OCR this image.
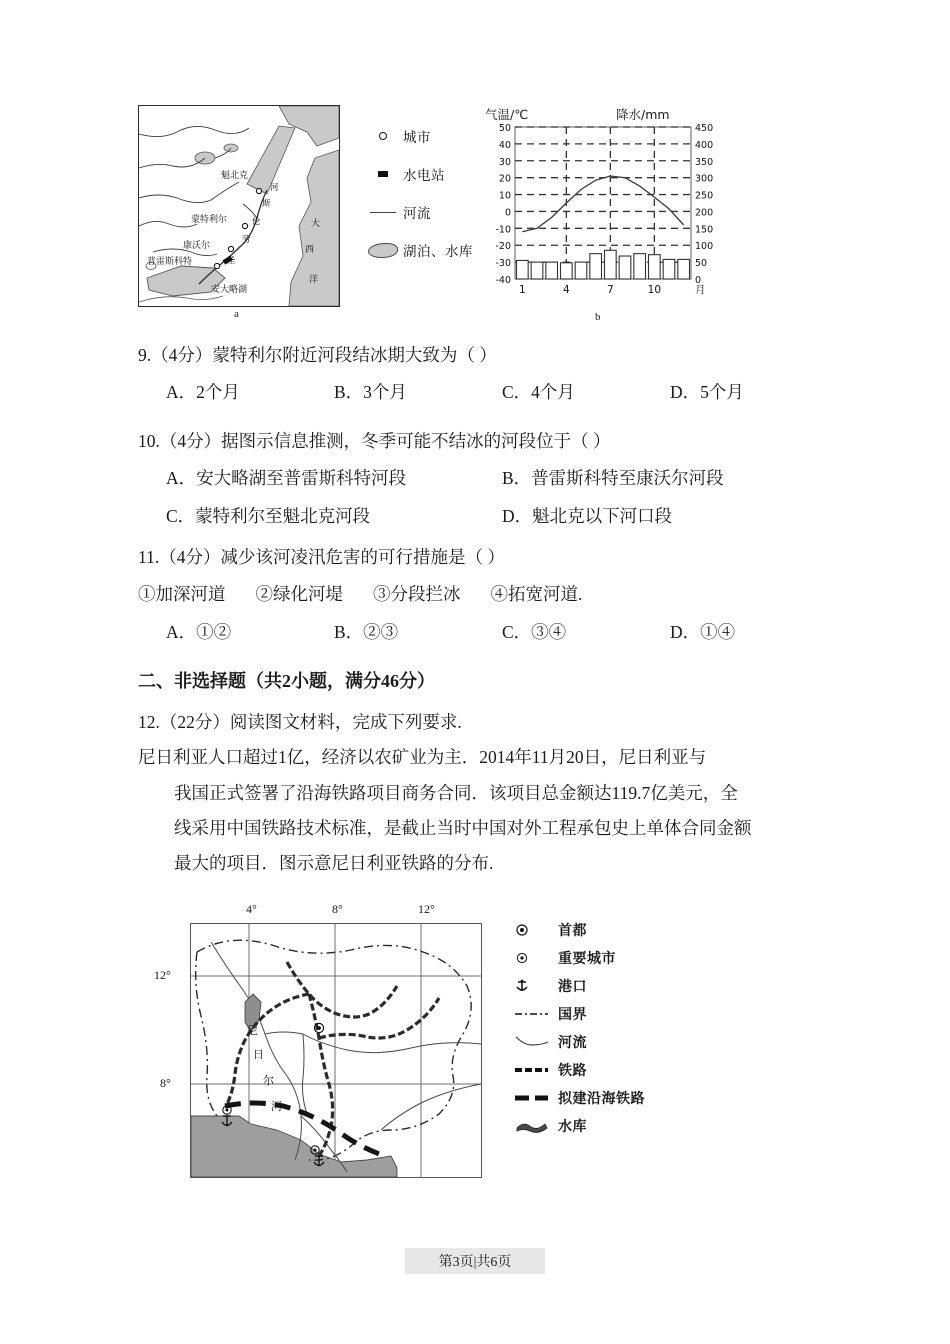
魁北克
蒙特利尔
康沃尔
普雷斯科特
安大略湖
河
斯
伦
劳
圣
大
西
洋
a
城市
水电站
河流
湖泊、水库
气温/℃	降水/mm
-30
-20
-10
0
10
20
30
40
50
-40	0
50
100
150
200
250
300
350
400
450
1	4	7	10	月
b
9.（4分）蒙特利尔附近河段结冰期大致为（ ）
A．2个月	B．3个月	C．4个月	D．5个月
10.（4分）据图示信息推测，冬季可能不结冰的河段位于（ ）
A．安大略湖至普雷斯科特河段	B．普雷斯科特至康沃尔河段
C．蒙特利尔至魁北克河段	D．魁北克以下河口段
11.（4分）减少该河凌汛危害的可行措施是（ ）
①加深河道 ②绿化河堤 ③分段拦冰 ④拓宽河道.
A．①②	B．②③	C．③④	D．①④
二、非选择题（共2小题，满分46分）
12.（22分）阅读图文材料，完成下列要求.
尼日利亚人口超过1亿，经济以农矿业为主．2014年11月20日，尼日利亚与
我国正式签署了沿海铁路项目商务合同．该项目总金额达119.7亿美元，全
线采用中国铁路技术标准，是截止当时中国对外工程承包史上单体合同金额
最大的项目．图示意尼日利亚铁路的分布.
4°	8°	12°
12°
8°
尼
日
尔
河
首都
重要城市
港口
国界
河流
铁路
拟建沿海铁路
水库
第3页|共6页
